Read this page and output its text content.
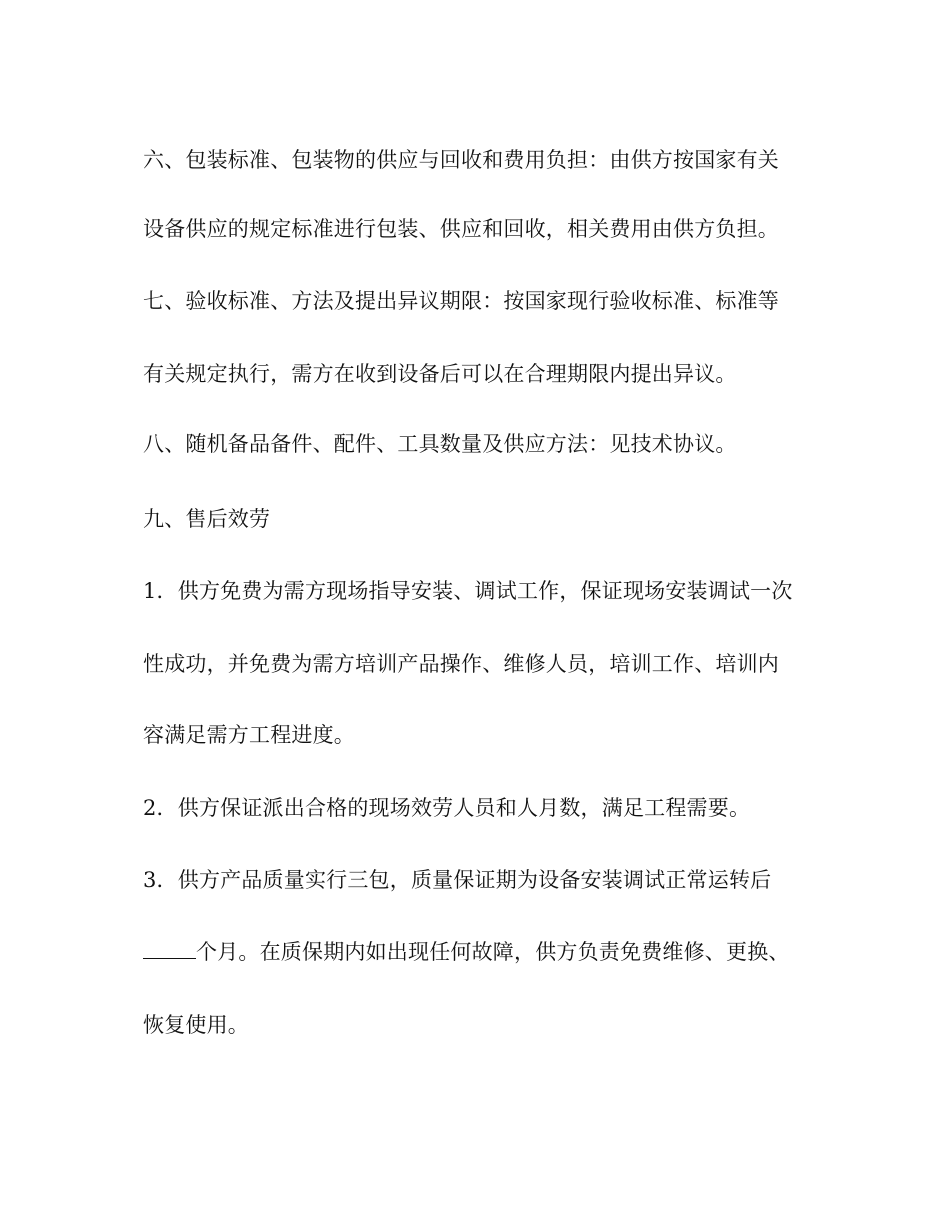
六、包装标准、包装物的供应与回收和费用负担：由供方按国家有关

设备供应的规定标准进行包装、供应和回收，相关费用由供方负担。

七、验收标准、方法及提出异议期限：按国家现行验收标准、标准等

有关规定执行，需方在收到设备后可以在合理期限内提出异议。

八、随机备品备件、配件、工具数量及供应方法：见技术协议。

九、售后效劳

1．供方免费为需方现场指导安装、调试工作，保证现场安装调试一次

性成功，并免费为需方培训产品操作、维修人员，培训工作、培训内

容满足需方工程进度。

2．供方保证派出合格的现场效劳人员和人月数，满足工程需要。

3．供方产品质量实行三包，质量保证期为设备安装调试正常运转后

个月。在质保期内如出现任何故障，供方负责免费维修、更换、

恢复使用。
